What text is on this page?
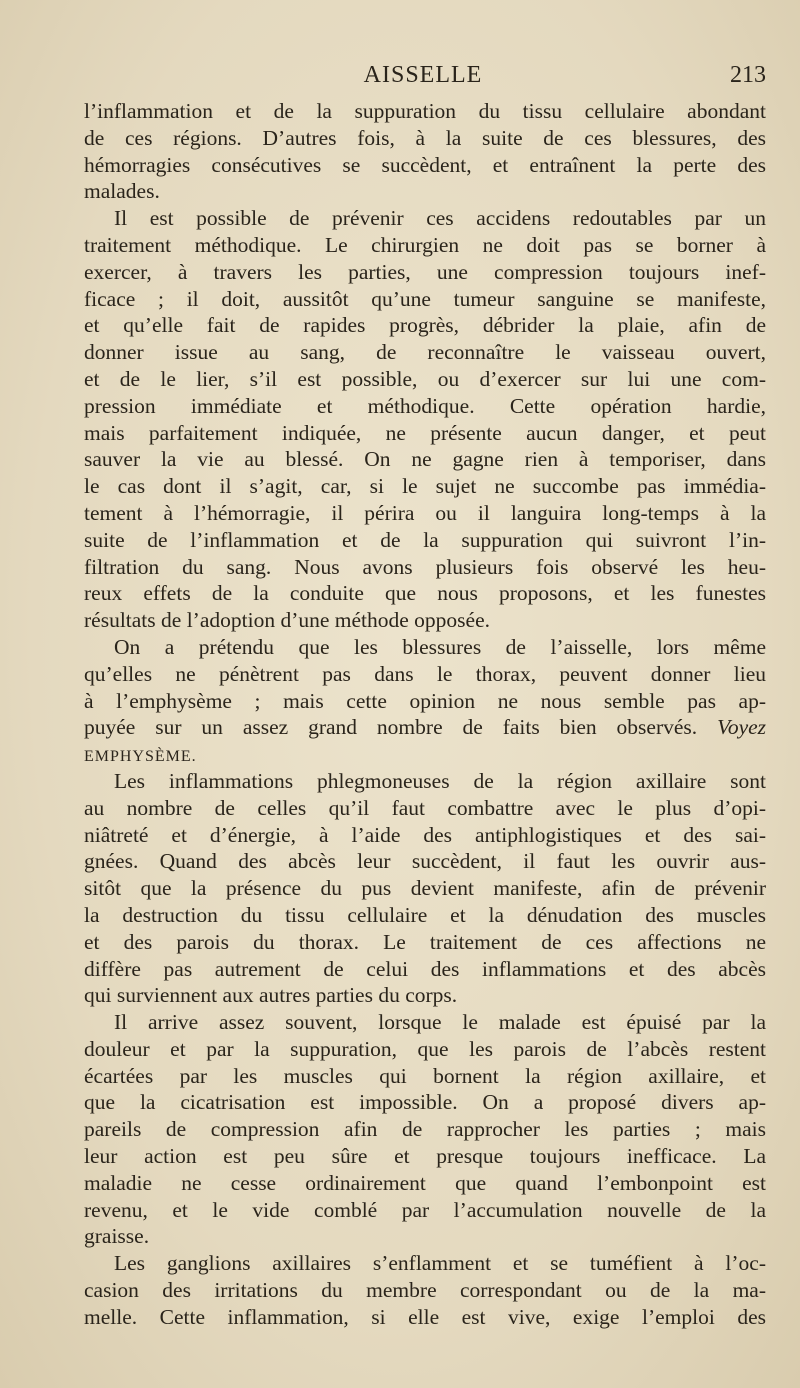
AISSELLE	213
l’inflammation et de la suppuration du tissu cellulaire abondant
de ces régions. D’autres fois, à la suite de ces blessures, des
hémorragies consécutives se succèdent, et entraînent la perte des
malades.
Il est possible de prévenir ces accidens redoutables par un
traitement méthodique. Le chirurgien ne doit pas se borner à
exercer, à travers les parties, une compression toujours inef-
ficace ; il doit, aussitôt qu’une tumeur sanguine se manifeste,
et qu’elle fait de rapides progrès, débrider la plaie, afin de
donner issue au sang, de reconnaître le vaisseau ouvert,
et de le lier, s’il est possible, ou d’exercer sur lui une com-
pression immédiate et méthodique. Cette opération hardie,
mais parfaitement indiquée, ne présente aucun danger, et peut
sauver la vie au blessé. On ne gagne rien à temporiser, dans
le cas dont il s’agit, car, si le sujet ne succombe pas immédia-
tement à l’hémorragie, il périra ou il languira long-temps à la
suite de l’inflammation et de la suppuration qui suivront l’in-
filtration du sang. Nous avons plusieurs fois observé les heu-
reux effets de la conduite que nous proposons, et les funestes
résultats de l’adoption d’une méthode opposée.
On a prétendu que les blessures de l’aisselle, lors même
qu’elles ne pénètrent pas dans le thorax, peuvent donner lieu
à l’emphysème ; mais cette opinion ne nous semble pas ap-
puyée sur un assez grand nombre de faits bien observés. Voyez
EMPHYSÈME.
Les inflammations phlegmoneuses de la région axillaire sont
au nombre de celles qu’il faut combattre avec le plus d’opi-
niâtreté et d’énergie, à l’aide des antiphlogistiques et des sai-
gnées. Quand des abcès leur succèdent, il faut les ouvrir aus-
sitôt que la présence du pus devient manifeste, afin de prévenir
la destruction du tissu cellulaire et la dénudation des muscles
et des parois du thorax. Le traitement de ces affections ne
diffère pas autrement de celui des inflammations et des abcès
qui surviennent aux autres parties du corps.
Il arrive assez souvent, lorsque le malade est épuisé par la
douleur et par la suppuration, que les parois de l’abcès restent
écartées par les muscles qui bornent la région axillaire, et
que la cicatrisation est impossible. On a proposé divers ap-
pareils de compression afin de rapprocher les parties ; mais
leur action est peu sûre et presque toujours inefficace. La
maladie ne cesse ordinairement que quand l’embonpoint est
revenu, et le vide comblé par l’accumulation nouvelle de la
graisse.
Les ganglions axillaires s’enflamment et se tuméfient à l’oc-
casion des irritations du membre correspondant ou de la ma-
melle. Cette inflammation, si elle est vive, exige l’emploi des
